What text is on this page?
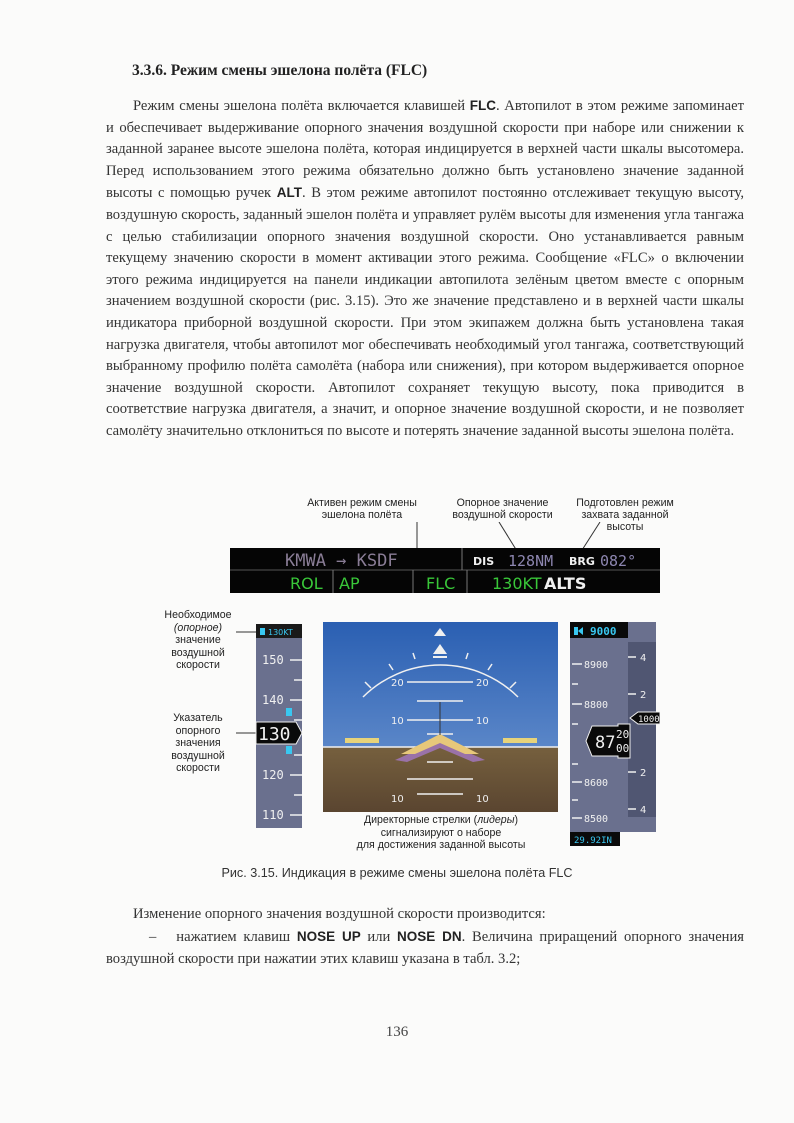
3.3.6. Режим смены эшелона полёта (FLC)
Режим смены эшелона полёта включается клавишей FLC. Автопилот в этом режиме запоминает и обеспечивает выдерживание опорного значения воздушной скорости при наборе или снижении к заданной заранее высоте эшелона полёта, которая индицируется в верхней части шкалы высотомера. Перед использованием этого режима обязательно должно быть установлено значение заданной высоты с помощью ручек ALT. В этом режиме автопилот постоянно отслеживает текущую высоту, воздушную скорость, заданный эшелон полёта и управляет рулём высоты для изменения угла тангажа с целью стабилизации опорного значения воздушной скорости. Оно устанавливается равным текущему значению скорости в момент активации этого режима. Сообщение «FLC» о включении этого режима индицируется на панели индикации автопилота зелёным цветом вместе с опорным значением воздушной скорости (рис. 3.15). Это же значение представлено и в верхней части шкалы индикатора приборной воздушной скорости. При этом экипажем должна быть установлена такая нагрузка двигателя, чтобы автопилот мог обеспечивать необходимый угол тангажа, соответствующий выбранному профилю полёта самолёта (набора или снижения), при котором выдерживается опорное значение воздушной скорости. Автопилот сохраняет текущую высоту, пока приводится в соответствие нагрузка двигателя, а значит, и опорное значение воздушной скорости, и не позволяет самолёту значительно отклониться по высоте и потерять значение заданной высоты эшелона полёта.
Активен режим смены
эшелона полёта
Опорное значение
воздушной скорости
Подготовлен режим
захвата заданной
высоты
KMWA → KSDF	DIS 128NM BRG 082°
ROL AP	FLC 130KT ALTS
Необходимое
(опорное)
значение
воздушной
скорости
Указатель
опорного
значения
воздушной
скорости
130KT
150
140
120
110
130
20	20
10	10
10	10
9000
8900
8800
8600
8500
87 20
00
4
2
2
4
1000
29.92IN
Директорные стрелки (лидеры)
сигнализируют о наборе
для достижения заданной высоты
Рис. 3.15. Индикация в режиме смены эшелона полёта FLC
Изменение опорного значения воздушной скорости производится:
– нажатием клавиш NOSE UP или NOSE DN. Величина приращений опорного значения воздушной скорости при нажатии этих клавиш указана в табл. 3.2;
136
